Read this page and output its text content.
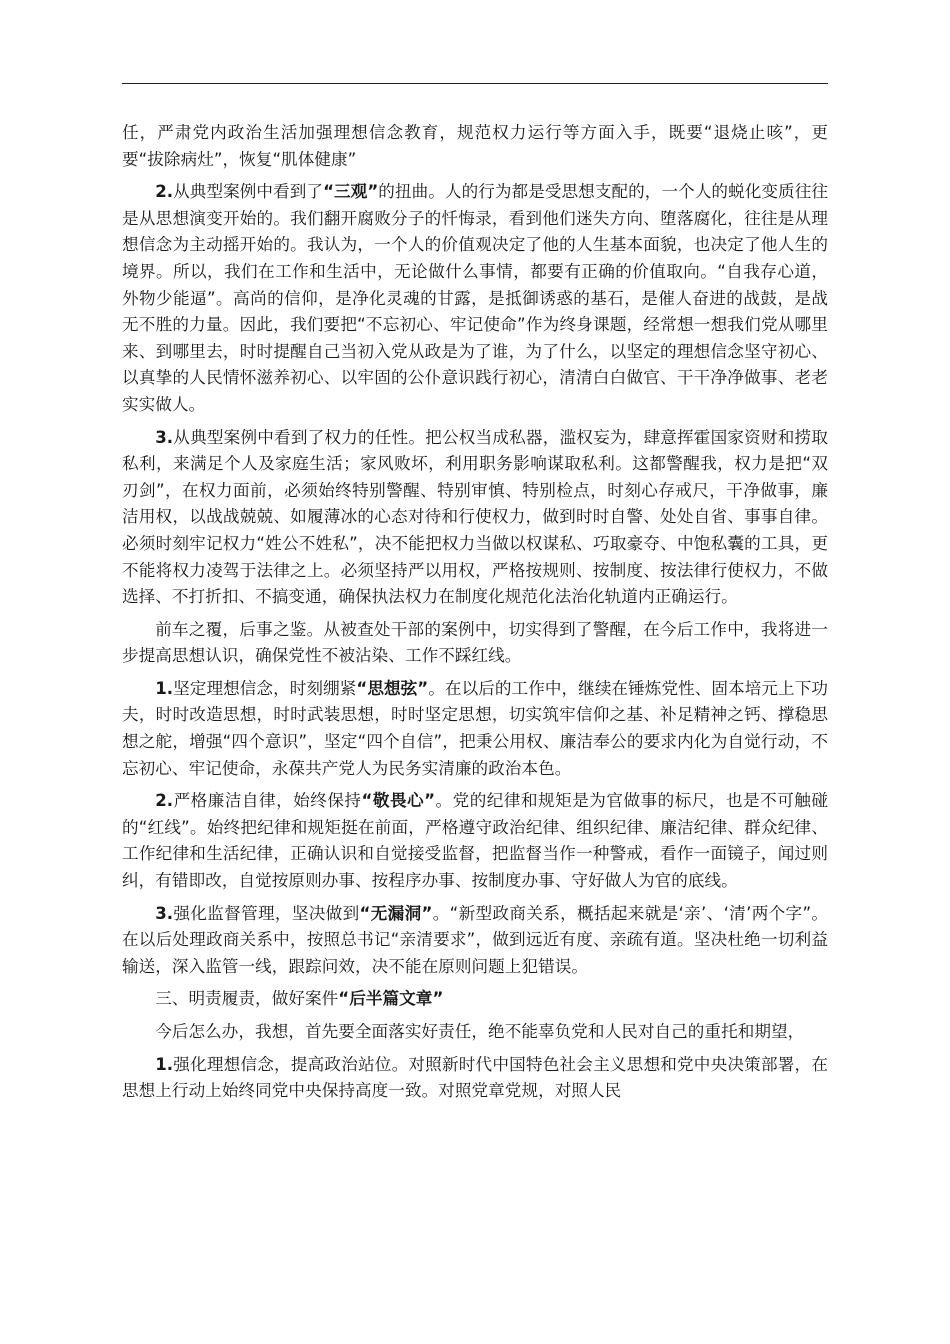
任，严肃党内政治生活加强理想信念教育，规范权力运行等方面入手，既要“退烧止咳”，更要“拔除病灶”，恢复“肌体健康”

2.从典型案例中看到了“三观”的扭曲。人的行为都是受思想支配的，一个人的蜕化变质往往是从思想演变开始的。我们翻开腐败分子的忏悔录，看到他们迷失方向、堕落腐化，往往是从理想信念为主动摇开始的。我认为，一个人的价值观决定了他的人生基本面貌，也决定了他人生的境界。所以，我们在工作和生活中，无论做什么事情，都要有正确的价值取向。“自我存心道，外物少能逼”。高尚的信仰，是净化灵魂的甘露，是抵御诱惑的基石，是催人奋进的战鼓，是战无不胜的力量。因此，我们要把“不忘初心、牢记使命”作为终身课题，经常想一想我们党从哪里来、到哪里去，时时提醒自己当初入党从政是为了谁，为了什么，以坚定的理想信念坚守初心、以真挚的人民情怀滋养初心、以牢固的公仆意识践行初心，清清白白做官、干干净净做事、老老实实做人。

3.从典型案例中看到了权力的任性。把公权当成私器，滥权妄为，肆意挥霍国家资财和捞取私利，来满足个人及家庭生活；家风败坏，利用职务影响谋取私利。这都警醒我，权力是把“双刃剑”，在权力面前，必须始终特别警醒、特别审慎、特别检点，时刻心存戒尺，干净做事，廉洁用权，以战战兢兢、如履薄冰的心态对待和行使权力，做到时时自警、处处自省、事事自律。必须时刻牢记权力“姓公不姓私”，决不能把权力当做以权谋私、巧取豪夺、中饱私囊的工具，更不能将权力凌驾于法律之上。必须坚持严以用权，严格按规则、按制度、按法律行使权力，不做选择、不打折扣、不搞变通，确保执法权力在制度化规范化法治化轨道内正确运行。

前车之覆，后事之鉴。从被查处干部的案例中，切实得到了警醒，在今后工作中，我将进一步提高思想认识，确保党性不被沾染、工作不踩红线。

1.坚定理想信念，时刻绷紧“思想弦”。在以后的工作中，继续在锤炼党性、固本培元上下功夫，时时改造思想，时时武装思想，时时坚定思想，切实筑牢信仰之基、补足精神之钙、撑稳思想之舵，增强“四个意识”，坚定“四个自信”，把秉公用权、廉洁奉公的要求内化为自觉行动，不忘初心、牢记使命，永葆共产党人为民务实清廉的政治本色。

2.严格廉洁自律，始终保持“敬畏心”。党的纪律和规矩是为官做事的标尺，也是不可触碰的“红线”。始终把纪律和规矩挺在前面，严格遵守政治纪律、组织纪律、廉洁纪律、群众纪律、工作纪律和生活纪律，正确认识和自觉接受监督，把监督当作一种警戒，看作一面镜子，闻过则纠，有错即改，自觉按原则办事、按程序办事、按制度办事、守好做人为官的底线。

3.强化监督管理，坚决做到“无漏洞”。“新型政商关系，概括起来就是‘亲’、‘清’两个字”。在以后处理政商关系中，按照总书记“亲清要求”，做到远近有度、亲疏有道。坚决杜绝一切利益输送，深入监管一线，跟踪问效，决不能在原则问题上犯错误。

三、明责履责，做好案件“后半篇文章”

今后怎么办，我想，首先要全面落实好责任，绝不能辜负党和人民对自己的重托和期望，

1.强化理想信念，提高政治站位。对照新时代中国特色社会主义思想和党中央决策部署，在思想上行动上始终同党中央保持高度一致。对照党章党规，对照人民
